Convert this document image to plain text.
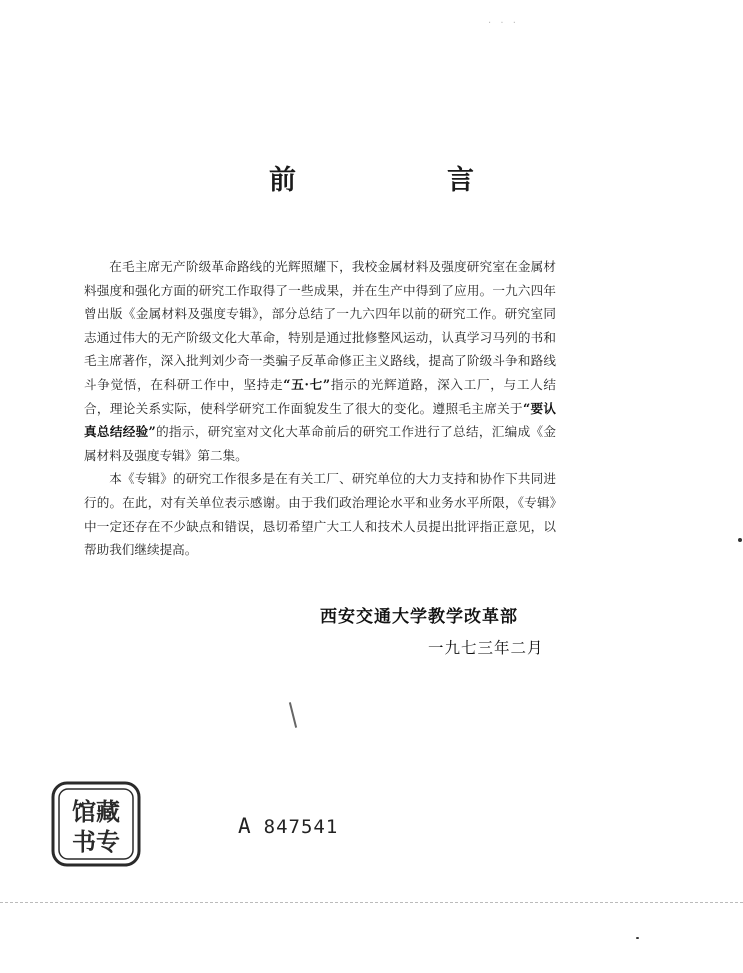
· · ·
前　言

在毛主席无产阶级革命路线的光辉照耀下，我校金属材料及强度研究室在金属材料强度和强化方面的研究工作取得了一些成果，并在生产中得到了应用。一九六四年曾出版《金属材料及强度专辑》，部分总结了一九六四年以前的研究工作。研究室同志通过伟大的无产阶级文化大革命，特别是通过批修整风运动，认真学习马列的书和毛主席著作，深入批判刘少奇一类骗子反革命修正主义路线，提高了阶级斗争和路线斗争觉悟，在科研工作中，坚持走“五·七”指示的光辉道路，深入工厂，与工人结合，理论关系实际，使科学研究工作面貌发生了很大的变化。遵照毛主席关于“要认真总结经验”的指示，研究室对文化大革命前后的研究工作进行了总结，汇编成《金属材料及强度专辑》第二集。

本《专辑》的研究工作很多是在有关工厂、研究单位的大力支持和协作下共同进行的。在此，对有关单位表示感谢。由于我们政治理论水平和业务水平所限，《专辑》中一定还存在不少缺点和错误，恳切希望广大工人和技术人员提出批评指正意见，以帮助我们继续提高。

西安交通大学教学改革部
一九七三年二月
馆藏
书专
A 847541
